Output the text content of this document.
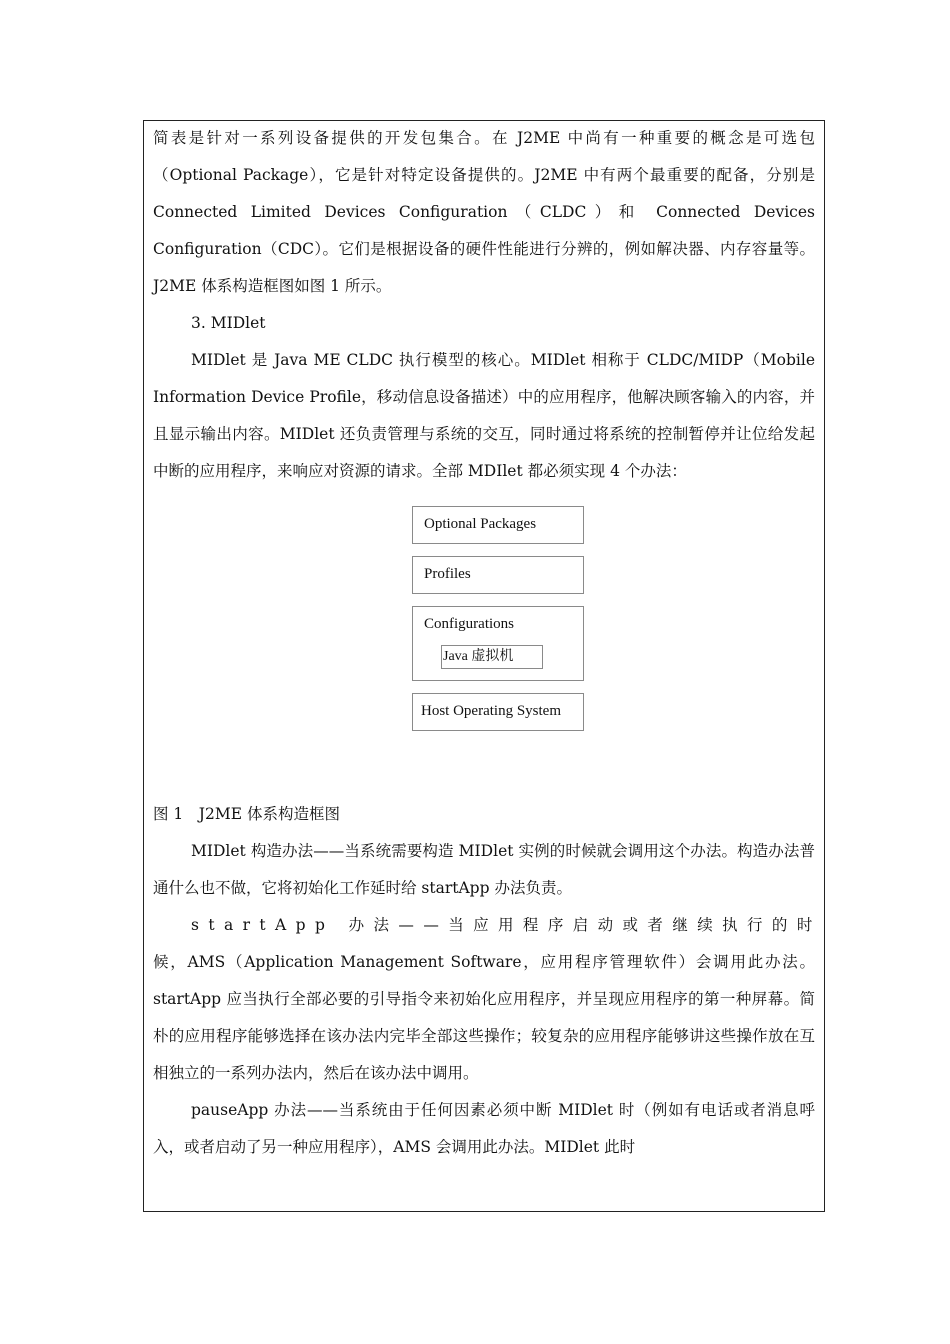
简表是针对一系列设备提供的开发包集合。在 J2ME 中尚有一种重要的概念是可选包（Optional Package），它是针对特定设备提供的。J2ME 中有两个最重要的配备，分别是 Connected Limited Devices Configuration（CLDC）和 Connected Devices Configuration（CDC）。它们是根据设备的硬件性能进行分辨的，例如解决器、内存容量等。J2ME 体系构造框图如图 1 所示。

3. MIDlet

MIDlet 是 Java ME CLDC 执行模型的核心。MIDlet 相称于 CLDC/MIDP（Mobile Information Device Profile，移动信息设备描述）中的应用程序，他解决顾客输入的内容，并且显示输出内容。MIDlet 还负责管理与系统的交互，同时通过将系统的控制暂停并让位给发起中断的应用程序，来响应对资源的请求。全部 MDIlet 都必须实现 4 个办法：

Optional Packages
Profiles
Configurations
Java 虚拟机
Host Operating System

图 1　J2ME 体系构造框图

MIDlet 构造办法——当系统需要构造 MIDlet 实例的时候就会调用这个办法。构造办法普通什么也不做，它将初始化工作延时给 startApp 办法负责。

startApp 办法——当应用程序启动或者继续执行的时
候，AMS（Application Management Software，应用程序管理软件）会调用此办法。startApp 应当执行全部必要的引导指令来初始化应用程序，并呈现应用程序的第一种屏幕。简朴的应用程序能够选择在该办法内完毕全部这些操作；较复杂的应用程序能够讲这些操作放在互相独立的一系列办法内，然后在该办法中调用。

pauseApp 办法——当系统由于任何因素必须中断 MIDlet 时（例如有电话或者消息呼入，或者启动了另一种应用程序），AMS 会调用此办法。MIDlet 此时
